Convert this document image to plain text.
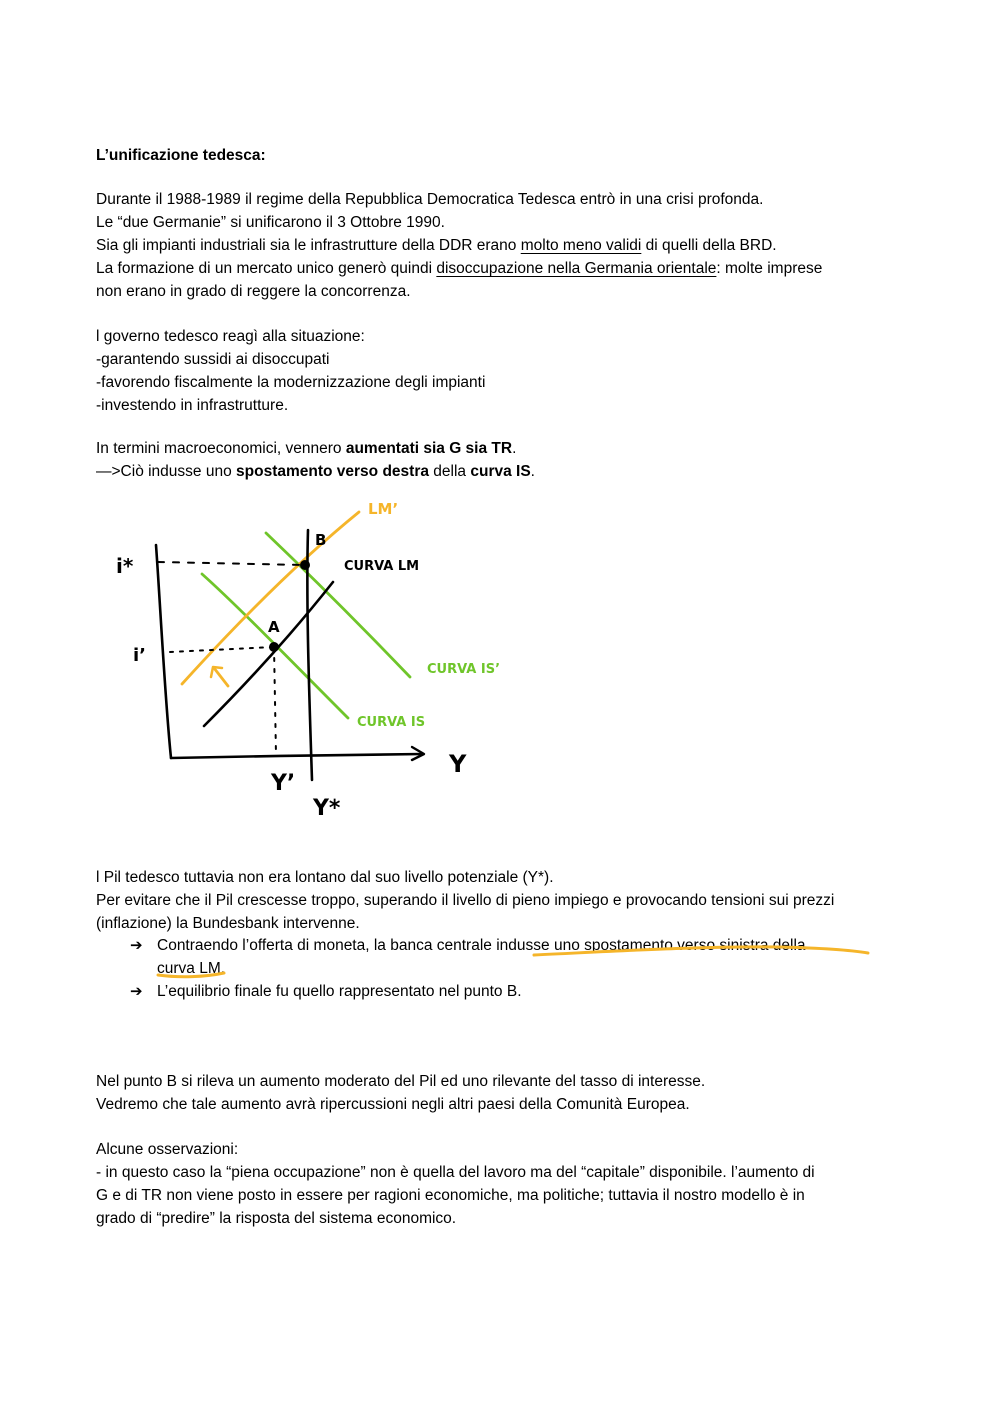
L’unificazione tedesca:

Durante il 1988-1989 il regime della Repubblica Democratica Tedesca entrò in una crisi profonda.

Le “due Germanie” si unificarono il 3 Ottobre 1990.

Sia gli impianti industriali sia le infrastrutture della DDR erano molto meno validi di quelli della BRD.

La formazione di un mercato unico generò quindi disoccupazione nella Germania orientale: molte imprese

non erano in grado di reggere la concorrenza.

l governo tedesco reagì alla situazione:

-garantendo sussidi ai disoccupati

-favorendo fiscalmente la modernizzazione degli impianti

-investendo in infrastrutture.

In termini macroeconomici, vennero aumentati sia G sia TR.

—>Ciò indusse uno spostamento verso destra della curva IS.

LM’
CURVA LM
CURVA IS’
CURVA IS
A
B
i*
i’
Y’
Y*
Y

l Pil tedesco tuttavia non era lontano dal suo livello potenziale (Y*).

Per evitare che il Pil crescesse troppo, superando il livello di pieno impiego e provocando tensioni sui prezzi

(inflazione) la Bundesbank intervenne.

➔ Contraendo l’offerta di moneta, la banca centrale indusse uno spostamento verso sinistra della

curva LM.

➔ L’equilibrio finale fu quello rappresentato nel punto B.

Nel punto B si rileva un aumento moderato del Pil ed uno rilevante del tasso di interesse.

Vedremo che tale aumento avrà ripercussioni negli altri paesi della Comunità Europea.

Alcune osservazioni:

- in questo caso la “piena occupazione” non è quella del lavoro ma del “capitale” disponibile. l’aumento di

G e di TR non viene posto in essere per ragioni economiche, ma politiche; tuttavia il nostro modello è in

grado di “predire” la risposta del sistema economico.
